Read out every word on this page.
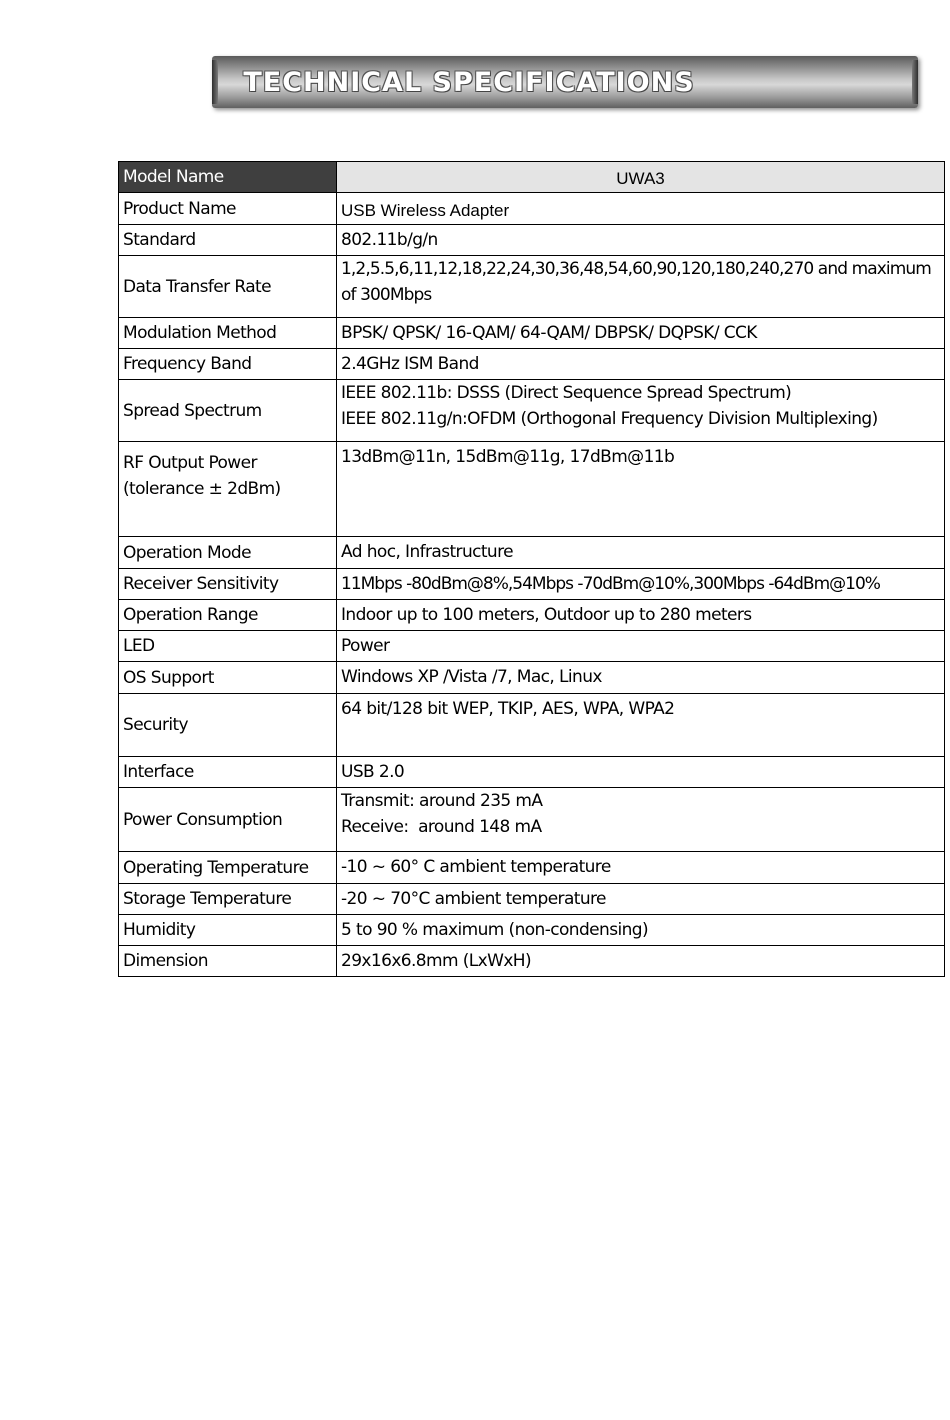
TECHNICAL SPECIFICATIONS
Model Name	UWA3
Product Name	USB Wireless Adapter
Standard	802.11b/g/n
Data Transfer Rate	1,2,5.5,6,11,12,18,22,24,30,36,48,54,60,90,120,180,240,270 and maximum of 300Mbps
Modulation Method	BPSK/ QPSK/ 16-QAM/ 64-QAM/ DBPSK/ DQPSK/ CCK
Frequency Band	2.4GHz ISM Band
Spread Spectrum	IEEE 802.11b: DSSS (Direct Sequence Spread Spectrum)
IEEE 802.11g/n:OFDM (Orthogonal Frequency Division Multiplexing)

RF Output Power
(tolerance ± 2dBm)	13dBm@11n, 15dBm@11g, 17dBm@11b
Operation Mode	Ad hoc, Infrastructure
Receiver Sensitivity	11Mbps -80dBm@8%,54Mbps -70dBm@10%,300Mbps -64dBm@10%
Operation Range	Indoor up to 100 meters, Outdoor up to 280 meters
LED	Power
OS Support	Windows XP /Vista /7, Mac, Linux
Security	64 bit/128 bit WEP, TKIP, AES, WPA, WPA2
Interface	USB 2.0
Power Consumption	Transmit: around 235 mA
Receive:  around 148 mA

Operating Temperature	-10 ~ 60° C ambient temperature
Storage Temperature	-20 ~ 70°C ambient temperature
Humidity	5 to 90 % maximum (non-condensing)
Dimension	29x16x6.8mm (LxWxH)
